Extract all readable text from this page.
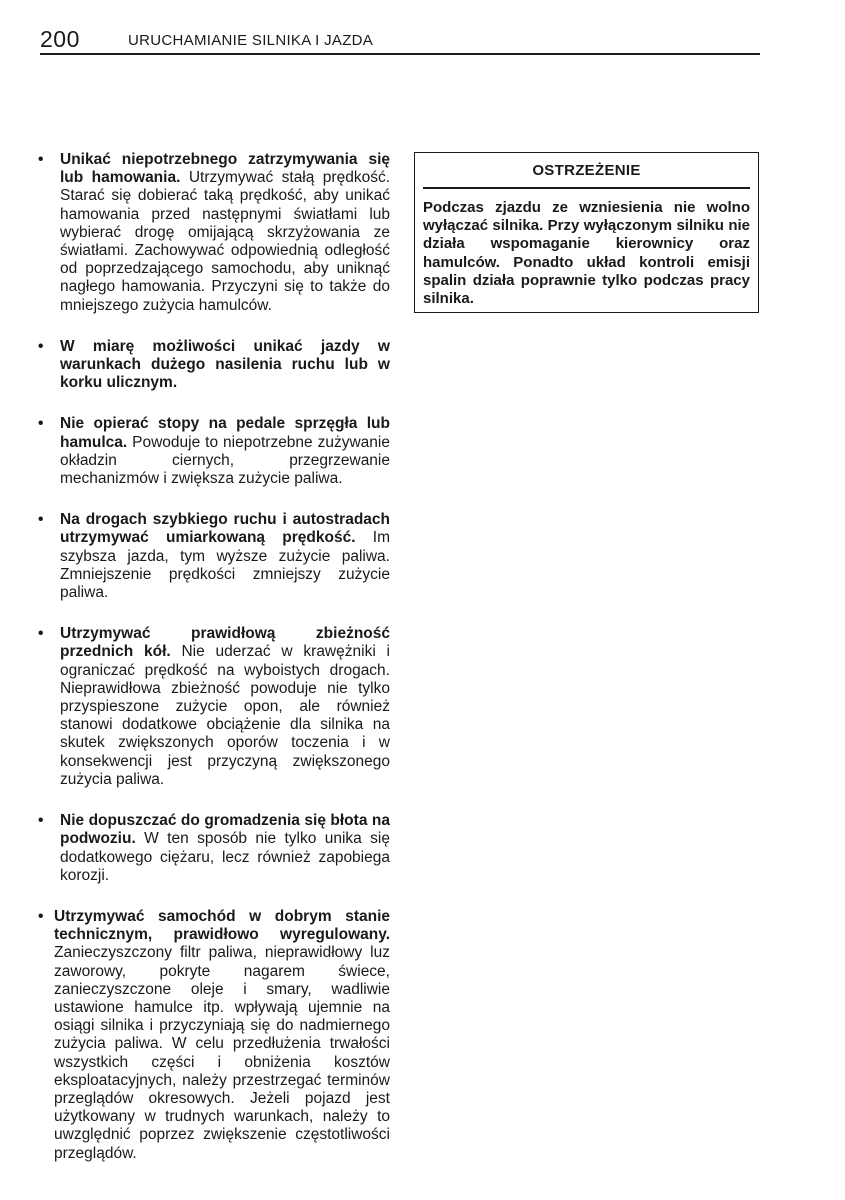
200	URUCHAMIANIE SILNIKA I JAZDA
•	Unikać niepotrzebnego zatrzymywania się lub hamowania. Utrzymywać stałą prędkość. Starać się dobierać taką prędkość, aby unikać hamowania przed następnymi światłami lub wybierać drogę omijającą skrzyżowania ze światłami. Zachowywać odpowiednią odległość od poprzedzającego samochodu, aby uniknąć nagłego hamowania. Przyczyni się to także do mniejszego zużycia hamulców.
•	W miarę możliwości unikać jazdy w warunkach dużego nasilenia ruchu lub w korku ulicznym.
•	Nie opierać stopy na pedale sprzęgła lub hamulca. Powoduje to niepotrzebne zużywanie okładzin ciernych, przegrzewanie mechanizmów i zwiększa zużycie paliwa.
•	Na drogach szybkiego ruchu i autostradach utrzymywać umiarkowaną prędkość. Im szybsza jazda, tym wyższe zużycie paliwa. Zmniejszenie prędkości zmniejszy zużycie paliwa.
•	Utrzymywać prawidłową zbieżność przednich kół. Nie uderzać w krawężniki i ograniczać prędkość na wyboistych drogach. Nieprawidłowa zbieżność powoduje nie tylko przyspieszone zużycie opon, ale również stanowi dodatkowe obciążenie dla silnika na skutek zwiększonych oporów toczenia i w konsekwencji jest przyczyną zwiększonego zużycia paliwa.
•	Nie dopuszczać do gromadzenia się błota na podwoziu. W ten sposób nie tylko unika się dodatkowego ciężaru, lecz również zapobiega korozji.
• Utrzymywać samochód w dobrym stanie technicznym, prawidłowo wyregulowany. Zanieczyszczony filtr paliwa, nieprawidłowy luz zaworowy, pokryte nagarem świece, zanieczyszczone oleje i smary, wadliwie ustawione hamulce itp. wpływają ujemnie na osiągi silnika i przyczyniają się do nadmiernego zużycia paliwa. W celu przedłużenia trwałości wszystkich części i obniżenia kosztów eksploatacyjnych, należy przestrzegać terminów przeglądów okresowych. Jeżeli pojazd jest użytkowany w trudnych warunkach, należy to uwzględnić poprzez zwiększenie częstotliwości przeglądów.
OSTRZEŻENIE
Podczas zjazdu ze wzniesienia nie wolno wyłączać silnika. Przy wyłączonym silniku nie działa wspomaganie kierownicy oraz hamulców. Ponadto układ kontroli emisji spalin działa poprawnie tylko podczas pracy silnika.
